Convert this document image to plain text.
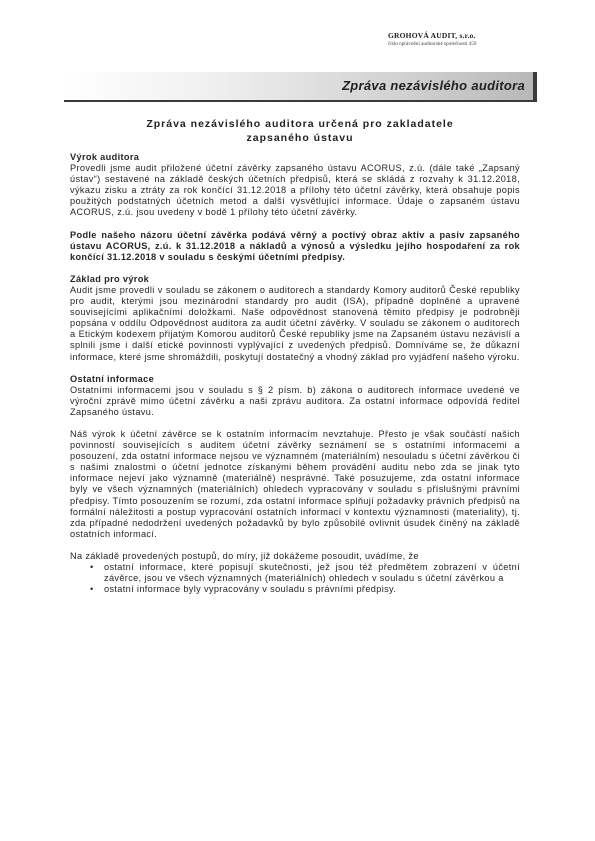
GROHOVÁ AUDIT, s.r.o.
číslo oprávnění auditorské společnosti 459
Zpráva nezávislého auditora
Zpráva nezávislého auditora určená pro zakladatele
zapsaného ústavu
Výrok auditora

Provedli jsme audit přiložené účetní závěrky zapsaného ústavu ACORUS, z.ú. (dále také „Zapsaný ústav“) sestavené na základě českých účetních předpisů, která se skládá z rozvahy k 31.12.2018, výkazu zisku a ztráty za rok končící 31.12.2018 a přílohy této účetní závěrky, která obsahuje popis použitých podstatných účetních metod a další vysvětlující informace. Údaje o zapsaném ústavu ACORUS, z.ú. jsou uvedeny v bodě 1 přílohy této účetní závěrky.

Podle našeho názoru účetní závěrka podává věrný a poctivý obraz aktiv a pasiv zapsaného ústavu ACORUS, z.ú. k 31.12.2018 a nákladů a výnosů a výsledku jejího hospodaření za rok končící 31.12.2018 v souladu s českými účetními předpisy.

Základ pro výrok

Audit jsme provedli v souladu se zákonem o auditorech a standardy Komory auditorů České republiky pro audit, kterými jsou mezinárodní standardy pro audit (ISA), případně doplněné a upravené souvisejícími aplikačními doložkami. Naše odpovědnost stanovená těmito předpisy je podrobněji popsána v oddílu Odpovědnost auditora za audit účetní závěrky. V souladu se zákonem o auditorech a Etickým kodexem přijatým Komorou auditorů České republiky jsme na Zapsaném ústavu nezávislí a splnili jsme i další etické povinnosti vyplývající z uvedených předpisů. Domníváme se, že důkazní informace, které jsme shromáždili, poskytují dostatečný a vhodný základ pro vyjádření našeho výroku.

Ostatní informace

Ostatními informacemi jsou v souladu s § 2 písm. b) zákona o auditorech informace uvedené ve výroční zprávě mimo účetní závěrku a naši zprávu auditora. Za ostatní informace odpovídá ředitel Zapsaného ústavu.

Náš výrok k účetní závěrce se k ostatním informacím nevztahuje. Přesto je však součástí našich povinností souvisejících s auditem účetní závěrky seznámení se s ostatními informacemi a posouzení, zda ostatní informace nejsou ve významném (materiálním) nesouladu s účetní závěrkou či s našimi znalostmi o účetní jednotce získanými během provádění auditu nebo zda se jinak tyto informace nejeví jako významně (materiálně) nesprávné. Také posuzujeme, zda ostatní informace byly ve všech významných (materiálních) ohledech vypracovány v souladu s příslušnými právními předpisy. Tímto posouzením se rozumí, zda ostatní informace splňují požadavky právních předpisů na formální náležitosti a postup vypracování ostatních informací v kontextu významnosti (materiality), tj. zda případné nedodržení uvedených požadavků by bylo způsobilé ovlivnit úsudek činěný na základě ostatních informací.

Na základě provedených postupů, do míry, již dokážeme posoudit, uvádíme, že

• ostatní informace, které popisují skutečnosti, jež jsou též předmětem zobrazení v účetní závěrce, jsou ve všech významných (materiálních) ohledech v souladu s účetní závěrkou a
• ostatní informace byly vypracovány v souladu s právními předpisy.
